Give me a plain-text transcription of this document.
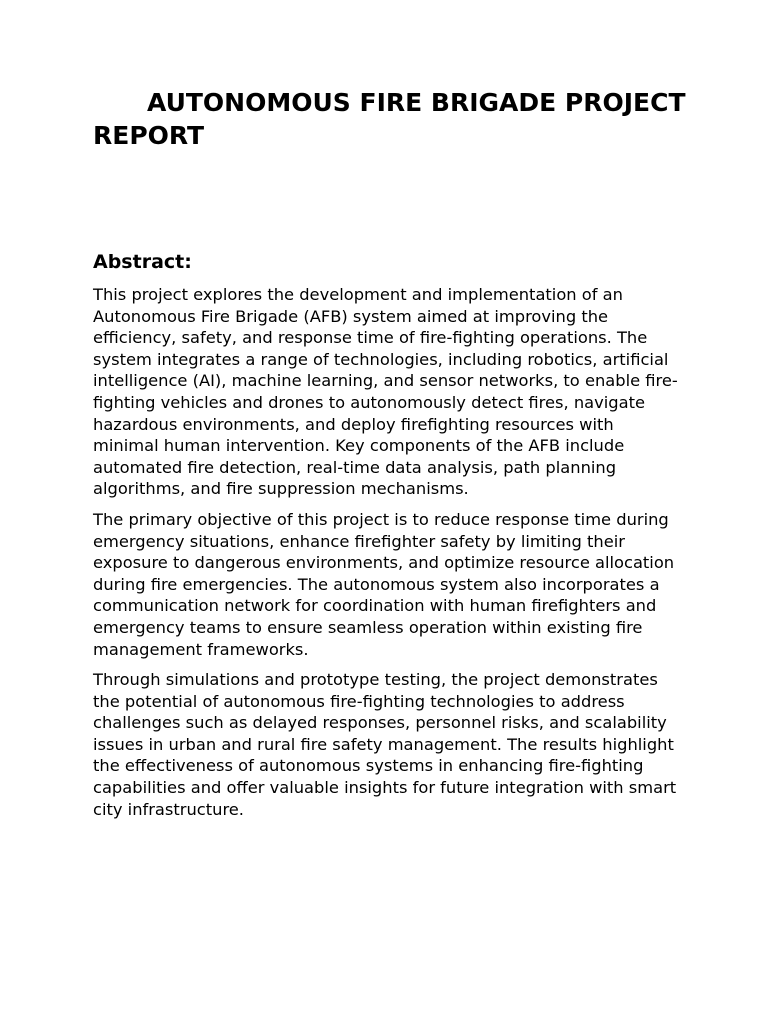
AUTONOMOUS FIRE BRIGADE PROJECT REPORT
Abstract:

This project explores the development and implementation of an Autonomous Fire Brigade (AFB) system aimed at improving the efficiency, safety, and response time of fire-fighting operations. The system integrates a range of technologies, including robotics, artificial intelligence (AI), machine learning, and sensor networks, to enable fire-fighting vehicles and drones to autonomously detect fires, navigate hazardous environments, and deploy firefighting resources with minimal human intervention. Key components of the AFB include automated fire detection, real-time data analysis, path planning algorithms, and fire suppression mechanisms.

The primary objective of this project is to reduce response time during emergency situations, enhance firefighter safety by limiting their exposure to dangerous environments, and optimize resource allocation during fire emergencies. The autonomous system also incorporates a communication network for coordination with human firefighters and emergency teams to ensure seamless operation within existing fire management frameworks.

Through simulations and prototype testing, the project demonstrates the potential of autonomous fire-fighting technologies to address challenges such as delayed responses, personnel risks, and scalability issues in urban and rural fire safety management. The results highlight the effectiveness of autonomous systems in enhancing fire-fighting capabilities and offer valuable insights for future integration with smart city infrastructure.
